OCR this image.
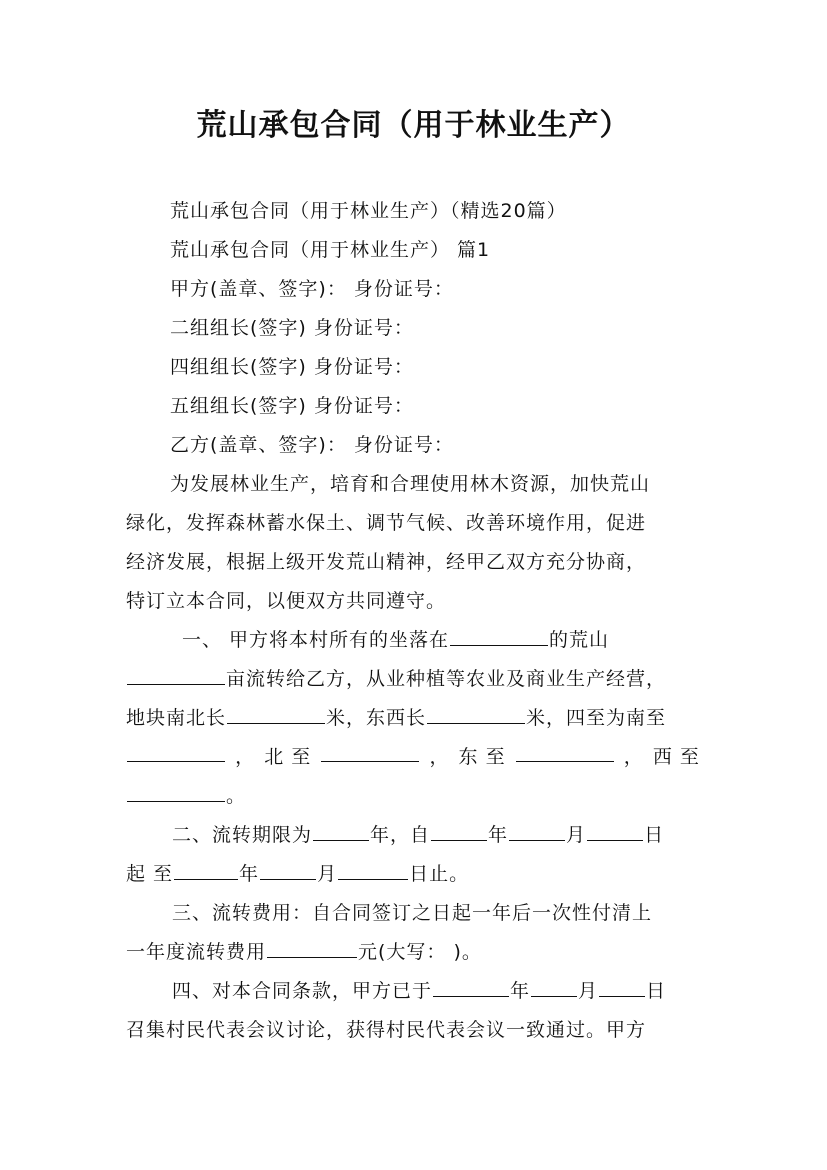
荒山承包合同（用于林业生产）
荒山承包合同（用于林业生产）（精选20篇）
荒山承包合同（用于林业生产） 篇1
甲方(盖章、签字)： 身份证号：
二组组长(签字) 身份证号：
四组组长(签字) 身份证号：
五组组长(签字) 身份证号：
乙方(盖章、签字)： 身份证号：
为发展林业生产，培育和合理使用林木资源，加快荒山
绿化，发挥森林蓄水保土、调节气候、改善环境作用，促进
经济发展，根据上级开发荒山精神，经甲乙双方充分协商，
特订立本合同，以便双方共同遵守。
一、 甲方将本村所有的坐落在	的荒山
亩流转给乙方，从业种植等农业及商业生产经营，
地块南北长	米，东西长	米，四至为南至
， 北 至	， 东 至	， 西 至
。
二、流转期限为	年，自	年	月	日
起 至	年	月	日止。
三、流转费用：自合同签订之日起一年后一次性付清上
一年度流转费用	元(大写： )。
四、对本合同条款，甲方已于	年	月	日
召集村民代表会议讨论，获得村民代表会议一致通过。甲方
